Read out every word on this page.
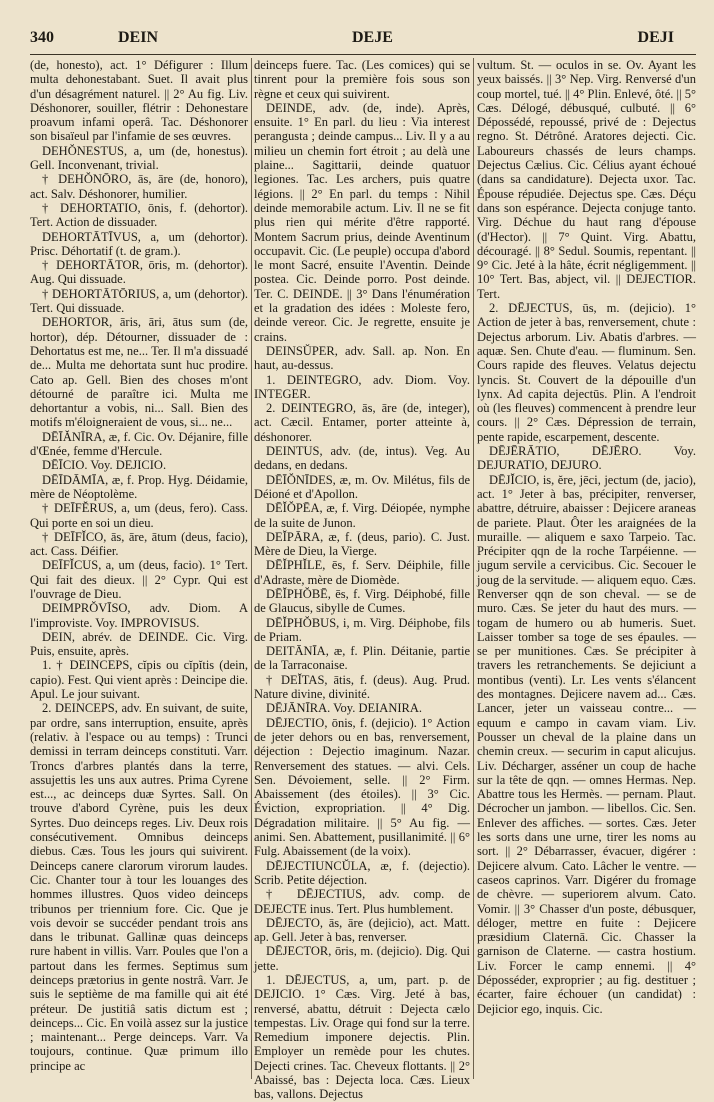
340	DEIN	DEJE	DEJI

(de, honesto), act. 1° Défigurer : Illum multa dehonestabant. Suet. Il avait plus d'un désagrément naturel. || 2° Au fig. Liv. Déshonorer, souiller, flétrir : Dehonestare proavum infami operâ. Tac. Déshonorer son bisaïeul par l'infamie de ses œuvres.

DEHŎNESTUS, a, um (de, honestus). Gell. Inconvenant, trivial.

† DEHŎNŌRO, ās, āre (de, honoro), act. Salv. Déshonorer, humilier.

† DEHORTATIO, ōnis, f. (dehortor). Tert. Action de dissuader.

DEHORTĀTĪVUS, a, um (dehortor). Prisc. Déhortatif (t. de gram.).

† DEHORTĀTOR, ōris, m. (dehortor). Aug. Qui dissuade.

† DEHORTĀTŌRIUS, a, um (dehortor). Tert. Qui dissuade.

DEHORTOR, āris, āri, ātus sum (de, hortor), dép. Détourner, dissuader de : Dehortatus est me, ne... Ter. Il m'a dissuadé de... Multa me dehortata sunt huc prodire. Cato ap. Gell. Bien des choses m'ont détourné de paraître ici. Multa me dehortantur a vobis, ni... Sall. Bien des motifs m'éloigneraient de vous, si... ne...

DĒĪĂNĪRA, æ, f. Cic. Ov. Déjanire, fille d'Œnée, femme d'Hercule.

DĒĪCIO. Voy. DEJICIO.

DĒĪDĀMĪA, æ, f. Prop. Hyg. Déidamie, mère de Néoptolème.

† DEĪFĔRUS, a, um (deus, fero). Cass. Qui porte en soi un dieu.

† DEĪFĬCO, ās, āre, ātum (deus, facio), act. Cass. Déifier.

DEĪFĬCUS, a, um (deus, facio). 1° Tert. Qui fait des dieux. || 2° Cypr. Qui est l'ouvrage de Dieu.

DEIMPRŎVĪSO, adv. Diom. A l'improviste. Voy. IMPROVISUS.

DEIN, abrév. de DEINDE. Cic. Virg. Puis, ensuite, après.

1. † DEINCEPS, cĭpis ou cĭpĭtis (dein, capio). Fest. Qui vient après : Deincipe die. Apul. Le jour suivant.

2. DEINCEPS, adv. En suivant, de suite, par ordre, sans interruption, ensuite, après (relativ. à l'espace ou au temps) : Trunci demissi in terram deinceps constituti. Varr. Troncs d'arbres plantés dans la terre, assujettis les uns aux autres. Prima Cyrene est..., ac deinceps duæ Syrtes. Sall. On trouve d'abord Cyrène, puis les deux Syrtes. Duo deinceps reges. Liv. Deux rois consécutivement. Omnibus deinceps diebus. Cæs. Tous les jours qui suivirent. Deinceps canere clarorum virorum laudes. Cic. Chanter tour à tour les louanges des hommes illustres. Quos video deinceps tribunos per triennium fore. Cic. Que je vois devoir se succéder pendant trois ans dans le tribunat. Gallinæ quas deinceps rure habent in villis. Varr. Poules que l'on a partout dans les fermes. Septimus sum deinceps prætorius in gente nostrâ. Varr. Je suis le septième de ma famille qui ait été préteur. De justitiâ satis dictum est ; deinceps... Cic. En voilà assez sur la justice ; maintenant... Perge deinceps. Varr. Va toujours, continue. Quæ primum illo principe ac

deinceps fuere. Tac. (Les comices) qui se tinrent pour la première fois sous son règne et ceux qui suivirent.

DEINDE, adv. (de, inde). Après, ensuite. 1° En parl. du lieu : Via interest perangusta ; deinde campus... Liv. Il y a au milieu un chemin fort étroit ; au delà une plaine... Sagittarii, deinde quatuor legiones. Tac. Les archers, puis quatre légions. || 2° En parl. du temps : Nihil deinde memorabile actum. Liv. Il ne se fit plus rien qui mérite d'être rapporté. Montem Sacrum prius, deinde Aventinum occupavit. Cic. (Le peuple) occupa d'abord le mont Sacré, ensuite l'Aventin. Deinde postea. Cic. Deinde porro. Post deinde. Ter. C. DEINDE. || 3° Dans l'énumération et la gradation des idées : Moleste fero, deinde vereor. Cic. Je regrette, ensuite je crains.

DEINSŬPER, adv. Sall. ap. Non. En haut, au-dessus.

1. DEINTEGRO, adv. Diom. Voy. INTEGER.

2. DEINTEGRO, ās, āre (de, integer), act. Cæcil. Entamer, porter atteinte à, déshonorer.

DEINTUS, adv. (de, intus). Veg. Au dedans, en dedans.

DĒĪŎNĪDES, æ, m. Ov. Milétus, fils de Déioné et d'Apollon.

DĒĬŎPĒA, æ, f. Virg. Déiopée, nymphe de la suite de Junon.

DEĬPĀRA, æ, f. (deus, pario). C. Just. Mère de Dieu, la Vierge.

DĒĬPHĬLE, ēs, f. Serv. Déiphile, fille d'Adraste, mère de Diomède.

DĒĬPHŎBĒ, ēs, f. Virg. Déiphobé, fille de Glaucus, sibylle de Cumes.

DĒĬPHŎBUS, i, m. Virg. Déiphobe, fils de Priam.

DEITĀNĪA, æ, f. Plin. Déitanie, partie de la Tarraconaise.

† DEĬTAS, ātis, f. (deus). Aug. Prud. Nature divine, divinité.

DĒJĀNĪRA. Voy. DEIANIRA.

DĒJECTIO, ōnis, f. (dejicio). 1° Action de jeter dehors ou en bas, renversement, déjection : Dejectio imaginum. Nazar. Renversement des statues. — alvi. Cels. Sen. Dévoiement, selle. || 2° Firm. Abaissement (des étoiles). || 3° Cic. Éviction, expropriation. || 4° Dig. Dégradation militaire. || 5° Au fig. — animi. Sen. Abattement, pusillanimité. || 6° Fulg. Abaissement (de la voix).

DĒJECTIUNCŬLA, æ, f. (dejectio). Scrib. Petite déjection.

† DĒJECTIUS, adv. comp. de DEJECTE inus. Tert. Plus humblement.

DĒJECTO, ās, āre (dejicio), act. Matt. ap. Gell. Jeter à bas, renverser.

DĒJECTOR, ōris, m. (dejicio). Dig. Qui jette.

1. DĒJECTUS, a, um, part. p. de DEJICIO. 1° Cæs. Virg. Jeté à bas, renversé, abattu, détruit : Dejecta cælo tempestas. Liv. Orage qui fond sur la terre. Remedium imponere dejectis. Plin. Employer un remède pour les chutes. Dejecti crines. Tac. Cheveux flottants. || 2° Abaissé, bas : Dejecta loca. Cæs. Lieux bas, vallons. Dejectus

vultum. St. — oculos in se. Ov. Ayant les yeux baissés. || 3° Nep. Virg. Renversé d'un coup mortel, tué. || 4° Plin. Enlevé, ôté. || 5° Cæs. Délogé, débusqué, culbuté. || 6° Dépossédé, repoussé, privé de : Dejectus regno. St. Détrôné. Aratores dejecti. Cic. Laboureurs chassés de leurs champs. Dejectus Cælius. Cic. Célius ayant échoué (dans sa candidature). Dejecta uxor. Tac. Épouse répudiée. Dejectus spe. Cæs. Déçu dans son espérance. Dejecta conjuge tanto. Virg. Déchue du haut rang d'épouse (d'Hector). || 7° Quint. Virg. Abattu, découragé. || 8° Sedul. Soumis, repentant. || 9° Cic. Jeté à la hâte, écrit négligemment. || 10° Tert. Bas, abject, vil. || DEJECTIOR. Tert.

2. DĒJECTUS, ūs, m. (dejicio). 1° Action de jeter à bas, renversement, chute : Dejectus arborum. Liv. Abatis d'arbres. — aquæ. Sen. Chute d'eau. — fluminum. Sen. Cours rapide des fleuves. Velatus dejectu lyncis. St. Couvert de la dépouille d'un lynx. Ad capita dejectūs. Plin. A l'endroit où (les fleuves) commencent à prendre leur cours. || 2° Cæs. Dépression de terrain, pente rapide, escarpement, descente.

DĒJĒRĀTIO, DĒJĒRO. Voy. DEJURATIO, DEJURO.

DĒJĬCIO, is, ĕre, jēci, jectum (de, jacio), act. 1° Jeter à bas, précipiter, renverser, abattre, détruire, abaisser : Dejicere araneas de pariete. Plaut. Ôter les araignées de la muraille. — aliquem e saxo Tarpeio. Tac. Précipiter qqn de la roche Tarpéienne. — jugum servile a cervicibus. Cic. Secouer le joug de la servitude. — aliquem equo. Cæs. Renverser qqn de son cheval. — se de muro. Cæs. Se jeter du haut des murs. — togam de humero ou ab humeris. Suet. Laisser tomber sa toge de ses épaules. — se per munitiones. Cæs. Se précipiter à travers les retranchements. Se dejiciunt a montibus (venti). Lr. Les vents s'élancent des montagnes. Dejicere navem ad... Cæs. Lancer, jeter un vaisseau contre... — equum e campo in cavam viam. Liv. Pousser un cheval de la plaine dans un chemin creux. — securim in caput alicujus. Liv. Décharger, asséner un coup de hache sur la tête de qqn. — omnes Hermas. Nep. Abattre tous les Hermès. — pernam. Plaut. Décrocher un jambon. — libellos. Cic. Sen. Enlever des affiches. — sortes. Cæs. Jeter les sorts dans une urne, tirer les noms au sort. || 2° Débarrasser, évacuer, digérer : Dejicere alvum. Cato. Lâcher le ventre. — caseos caprinos. Varr. Digérer du fromage de chèvre. — superiorem alvum. Cato. Vomir. || 3° Chasser d'un poste, débusquer, déloger, mettre en fuite : Dejicere præsidium Claternā. Cic. Chasser la garnison de Claterne. — castra hostium. Liv. Forcer le camp ennemi. || 4° Déposséder, exproprier ; au fig. destituer ; écarter, faire échouer (un candidat) : Dejicior ego, inquis. Cic.
